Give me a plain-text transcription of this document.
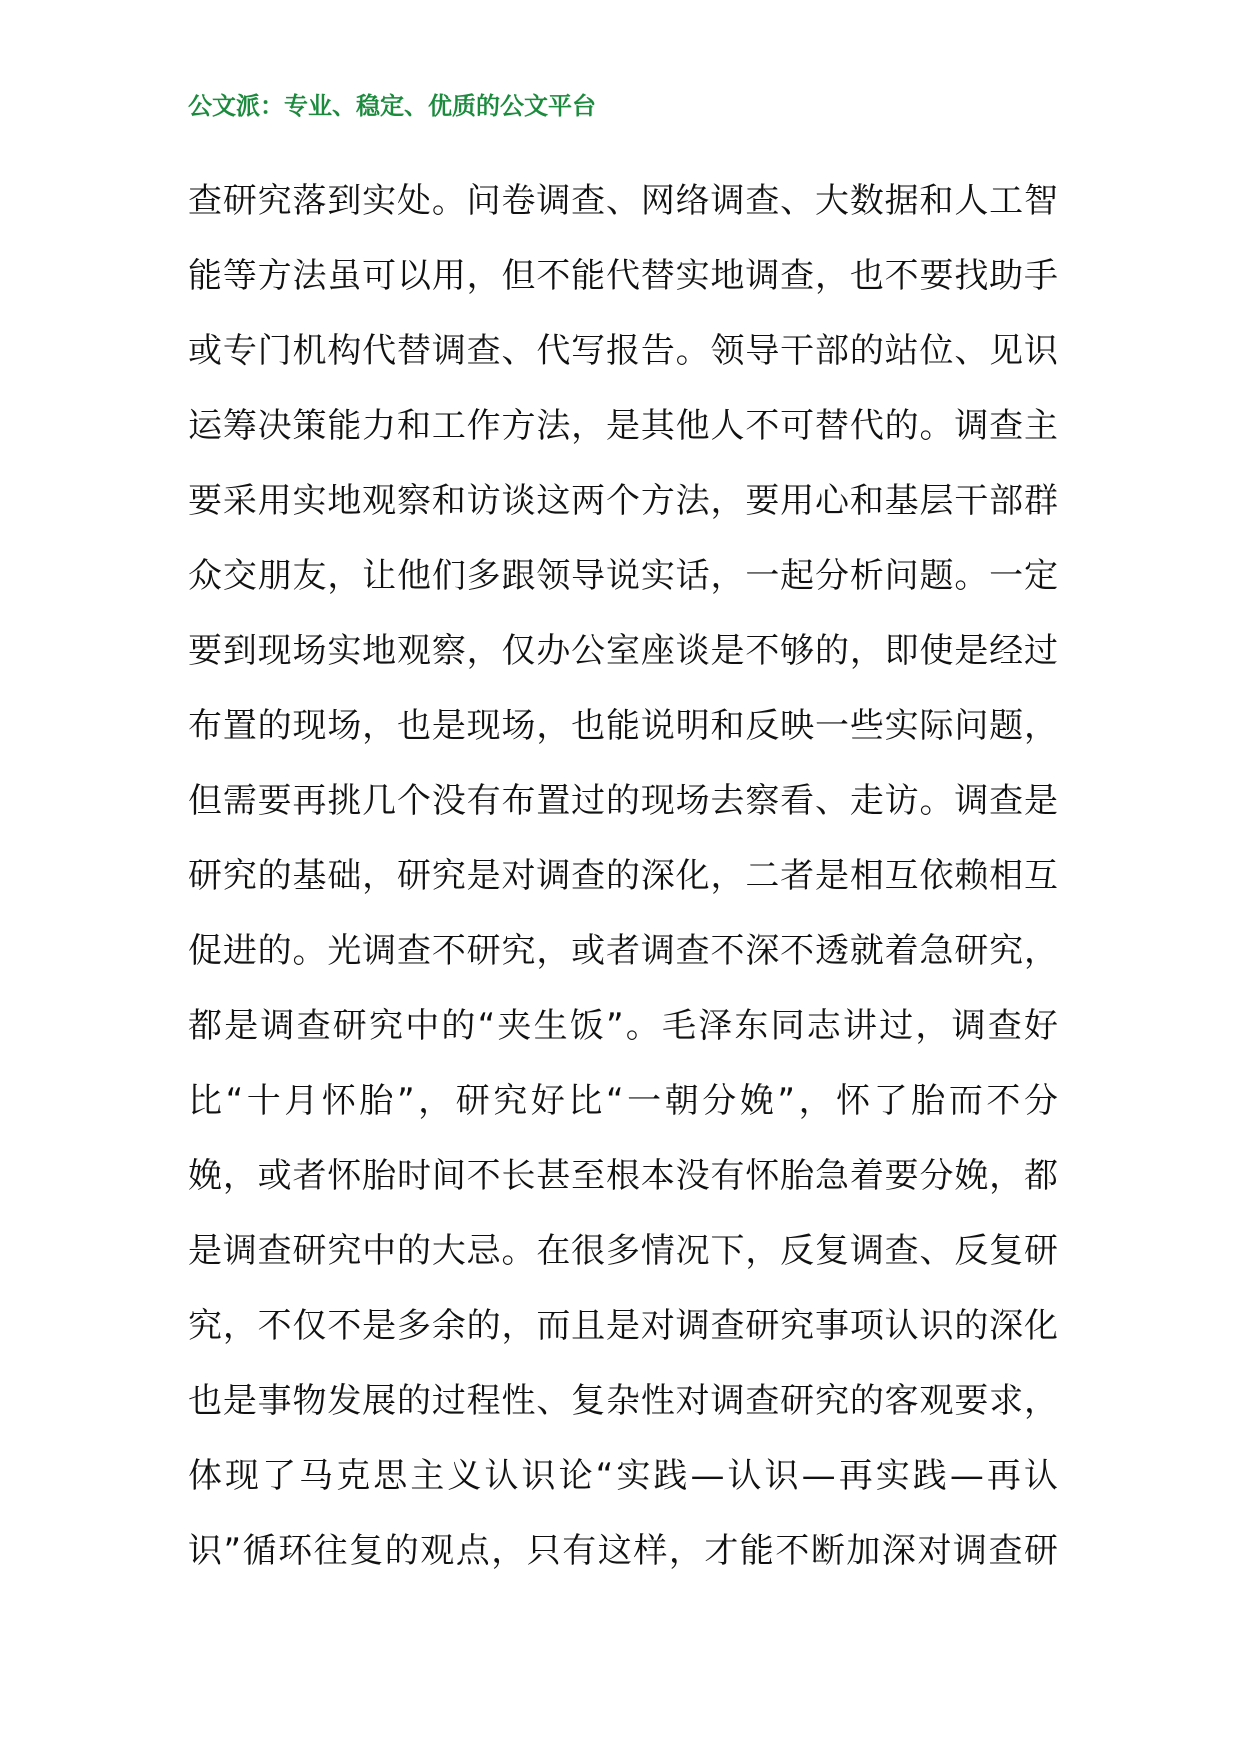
公文派：专业、稳定、优质的公文平台
查研究落到实处。问卷调查、网络调查、大数据和人工智
能等方法虽可以用，但不能代替实地调查，也不要找助手
或专门机构代替调查、代写报告。领导干部的站位、见识
运筹决策能力和工作方法，是其他人不可替代的。调查主
要采用实地观察和访谈这两个方法，要用心和基层干部群
众交朋友，让他们多跟领导说实话，一起分析问题。一定
要到现场实地观察，仅办公室座谈是不够的，即使是经过
布置的现场，也是现场，也能说明和反映一些实际问题，
但需要再挑几个没有布置过的现场去察看、走访。调查是
研究的基础，研究是对调查的深化，二者是相互依赖相互
促进的。光调查不研究，或者调查不深不透就着急研究，
都是调查研究中的“夹生饭”。毛泽东同志讲过，调查好
比“十月怀胎”，研究好比“一朝分娩”，怀了胎而不分
娩，或者怀胎时间不长甚至根本没有怀胎急着要分娩，都
是调查研究中的大忌。在很多情况下，反复调查、反复研
究，不仅不是多余的，而且是对调查研究事项认识的深化
也是事物发展的过程性、复杂性对调查研究的客观要求，
体现了马克思主义认识论“实践—认识—再实践—再认
识”循环往复的观点，只有这样，才能不断加深对调查研
